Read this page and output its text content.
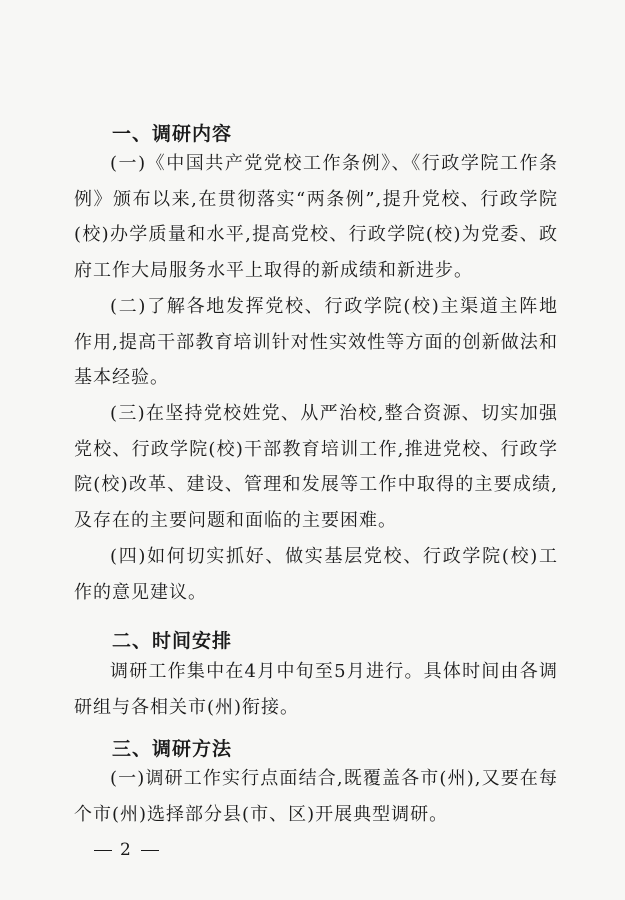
一、调研内容

(一)《中国共产党党校工作条例》、《行政学院工作条例》颁布以来,在贯彻落实“两条例”,提升党校、行政学院(校)办学质量和水平,提高党校、行政学院(校)为党委、政府工作大局服务水平上取得的新成绩和新进步。

(二)了解各地发挥党校、行政学院(校)主渠道主阵地作用,提高干部教育培训针对性实效性等方面的创新做法和基本经验。

(三)在坚持党校姓党、从严治校,整合资源、切实加强党校、行政学院(校)干部教育培训工作,推进党校、行政学院(校)改革、建设、管理和发展等工作中取得的主要成绩,及存在的主要问题和面临的主要困难。

(四)如何切实抓好、做实基层党校、行政学院(校)工作的意见建议。

二、时间安排

调研工作集中在4月中旬至5月进行。具体时间由各调研组与各相关市(州)衔接。

三、调研方法

(一)调研工作实行点面结合,既覆盖各市(州),又要在每个市(州)选择部分县(市、区)开展典型调研。

2
